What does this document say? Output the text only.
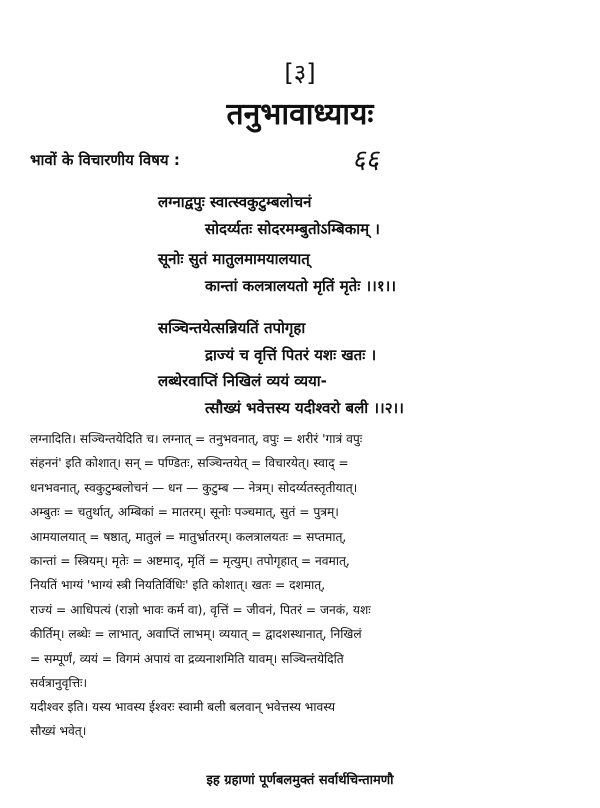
[३]
तनुभावाध्यायः
भावों के विचारणीय विषय :	६६
लग्नाद्वपुः स्वात्स्वकुटुम्बलोचनं
सोदर्य्यतः सोदरमम्बुतोऽम्बिकाम् ।
सूनोः सुतं मातुलमामयालयात्
कान्तां कलत्रालयतो मृतिं मृतेः ।।१।।
सञ्चिन्तयेत्सन्नियतिं तपोगृहा
द्राज्यं च वृत्तिं पितरं यशः खतः ।
लब्धेरवाप्तिं निखिलं व्ययं व्यया-
त्सौख्यं भवेत्तस्य यदीश्वरो बली ।।२।।
लग्नादिति। सञ्चिन्तयेदिति च। लग्नात् = तनुभवनात्, वपुः = शरीरं 'गात्रं वपुः
संहननं' इति कोशात्। सन् = पण्डितः, सञ्चिन्तयेत् = विचारयेत्। स्वाद् =
धनभवनात्, स्वकुटुम्बलोचनं — धन — कुटुम्ब — नेत्रम्। सोदर्य्यतस्तृतीयात्।
अम्बुतः = चतुर्थात्, अम्बिकां = मातरम्। सूनोः पञ्चमात्, सुतं = पुत्रम्।
आमयालयात् = षष्ठात्, मातुलं = मातुर्भ्रातरम्। कलत्रालयतः = सप्तमात्,
कान्तां = स्त्रियम्। मृतेः = अष्टमाद्, मृतिं = मृत्युम्। तपोगृहात् = नवमात्,
नियतिं भाग्यं 'भाग्यं स्त्री नियतिर्विधिः' इति कोशात्। खतः = दशमात्,
राज्यं = आधिपत्यं (राज्ञो भावः कर्म वा), वृत्तिं = जीवनं, पितरं = जनकं, यशः
कीर्तिम्। लब्धेः = लाभात्, अवाप्तिं लाभम्। व्ययात् = द्वादशस्थानात्, निखिलं
= सम्पूर्णं, व्ययं = विगमं अपायं वा द्रव्यनाशमिति यावम्। सञ्चिन्तयेदिति
सर्वत्रानुवृत्तिः।
यदीश्वर इति। यस्य भावस्य ईश्वरः स्वामी बली बलवान् भवेत्तस्य भावस्य
सौख्यं भवेत्।
इह ग्रहाणां पूर्णबलमुक्तं सर्वार्थचिन्तामणौ
